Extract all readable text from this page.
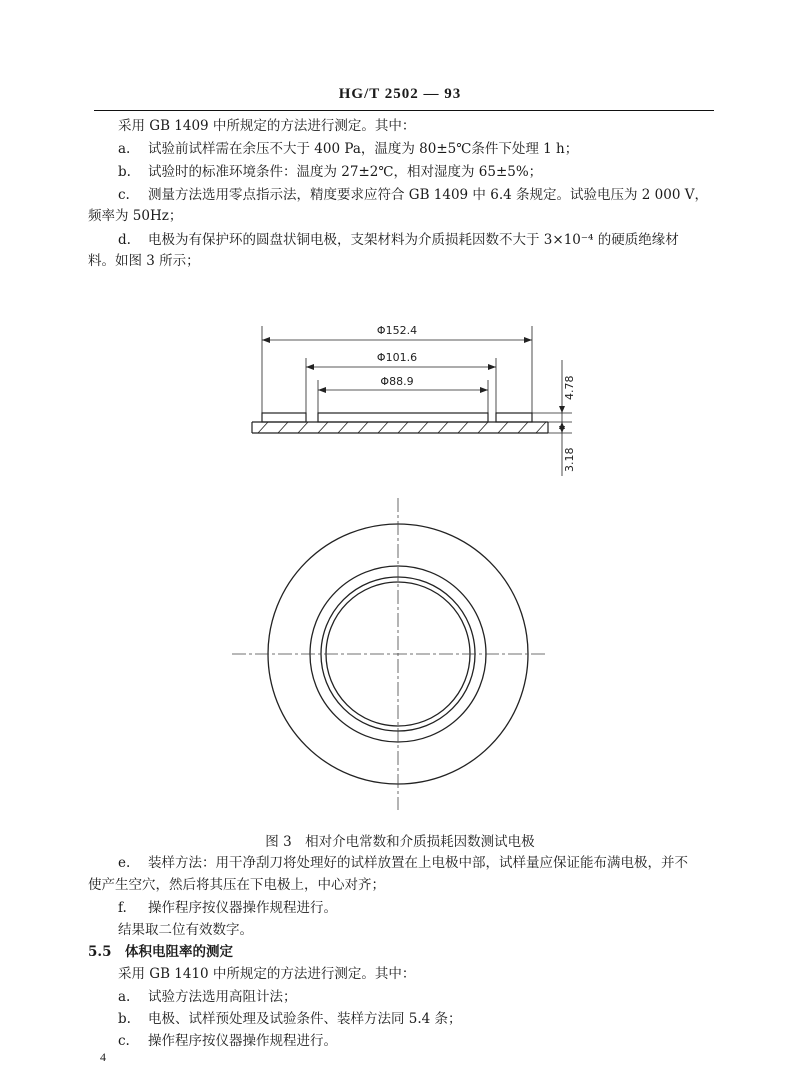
HG/T 2502 — 93
采用 GB 1409 中所规定的方法进行测定。其中：
a. 试验前试样需在余压不大于 400 Pa，温度为 80±5℃条件下处理 1 h；
b. 试验时的标准环境条件：温度为 27±2℃，相对湿度为 65±5%；
c. 测量方法选用零点指示法，精度要求应符合 GB 1409 中 6.4 条规定。试验电压为 2 000 V，
频率为 50Hz；
d. 电极为有保护环的圆盘状铜电极，支架材料为介质损耗因数不大于 3×10⁻⁴ 的硬质绝缘材
料。如图 3 所示；
Φ152.4
Φ101.6
Φ88.9	4.78
3.18
图 3　相对介电常数和介质损耗因数测试电极
e. 装样方法：用干净刮刀将处理好的试样放置在上电极中部，试样量应保证能布满电极，并不
使产生空穴，然后将其压在下电极上，中心对齐；
f. 操作程序按仪器操作规程进行。
结果取二位有效数字。
5.5　体积电阻率的测定
采用 GB 1410 中所规定的方法进行测定。其中：
a. 试验方法选用高阻计法；
b. 电极、试样预处理及试验条件、装样方法同 5.4 条；
c. 操作程序按仪器操作规程进行。
4
